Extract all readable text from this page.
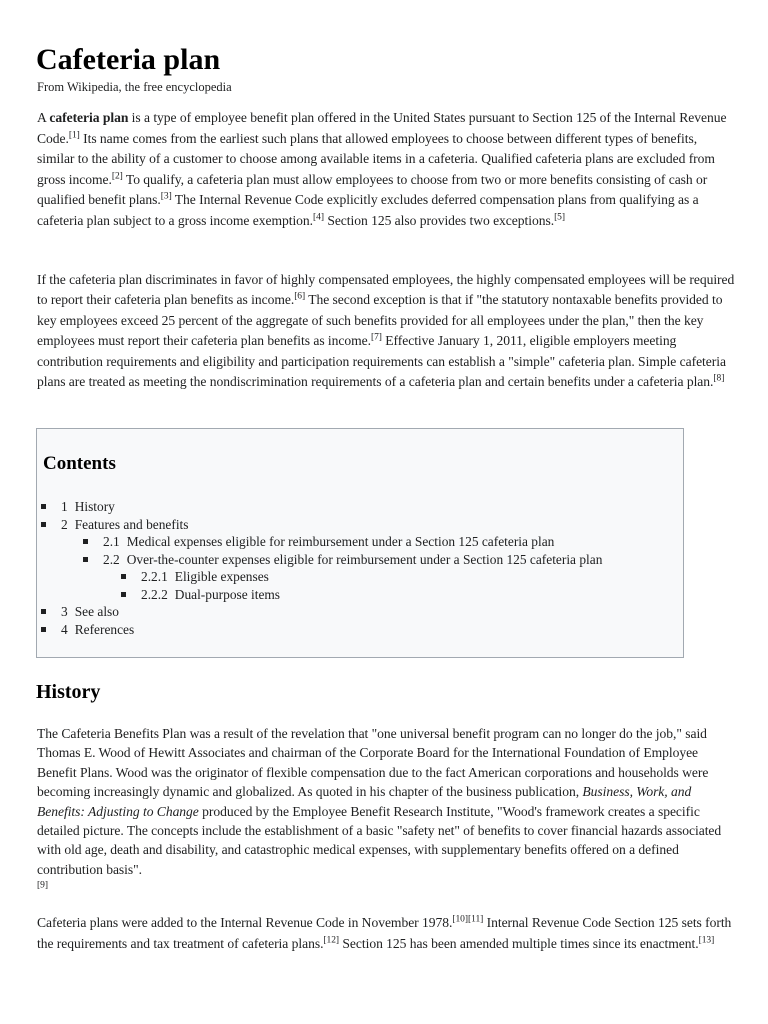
Cafeteria plan
From Wikipedia, the free encyclopedia

A cafeteria plan is a type of employee benefit plan offered in the United States pursuant to Section 125 of the Internal Revenue Code.[1] Its name comes from the earliest such plans that allowed employees to choose between different types of benefits, similar to the ability of a customer to choose among available items in a cafeteria. Qualified cafeteria plans are excluded from gross income.[2] To qualify, a cafeteria plan must allow employees to choose from two or more benefits consisting of cash or qualified benefit plans.[3] The Internal Revenue Code explicitly excludes deferred compensation plans from qualifying as a cafeteria plan subject to a gross income exemption.[4] Section 125 also provides two exceptions.[5]

If the cafeteria plan discriminates in favor of highly compensated employees, the highly compensated employees will be required to report their cafeteria plan benefits as income.[6] The second exception is that if "the statutory nontaxable benefits provided to key employees exceed 25 percent of the aggregate of such benefits provided for all employees under the plan," then the key employees must report their cafeteria plan benefits as income.[7] Effective January 1, 2011, eligible employers meeting contribution requirements and eligibility and participation requirements can establish a "simple" cafeteria plan. Simple cafeteria plans are treated as meeting the nondiscrimination requirements of a cafeteria plan and certain benefits under a cafeteria plan.[8]

Contents
1 History
2 Features and benefits
2.1 Medical expenses eligible for reimbursement under a Section 125 cafeteria plan
2.2 Over-the-counter expenses eligible for reimbursement under a Section 125 cafeteria plan
2.2.1 Eligible expenses
2.2.2 Dual-purpose items
3 See also
4 References
History

The Cafeteria Benefits Plan was a result of the revelation that "one universal benefit program can no longer do the job," said Thomas E. Wood of Hewitt Associates and chairman of the Corporate Board for the International Foundation of Employee Benefit Plans. Wood was the originator of flexible compensation due to the fact American corporations and households were becoming increasingly dynamic and globalized. As quoted in his chapter of the business publication, Business, Work, and Benefits: Adjusting to Change produced by the Employee Benefit Research Institute, "Wood's framework creates a specific detailed picture. The concepts include the establishment of a basic "safety net" of benefits to cover financial hazards associated with old age, death and disability, and catastrophic medical expenses, with supplementary benefits offered on a defined contribution basis".
[9]

Cafeteria plans were added to the Internal Revenue Code in November 1978.[10][11] Internal Revenue Code Section 125 sets forth the requirements and tax treatment of cafeteria plans.[12] Section 125 has been amended multiple times since its enactment.[13]
